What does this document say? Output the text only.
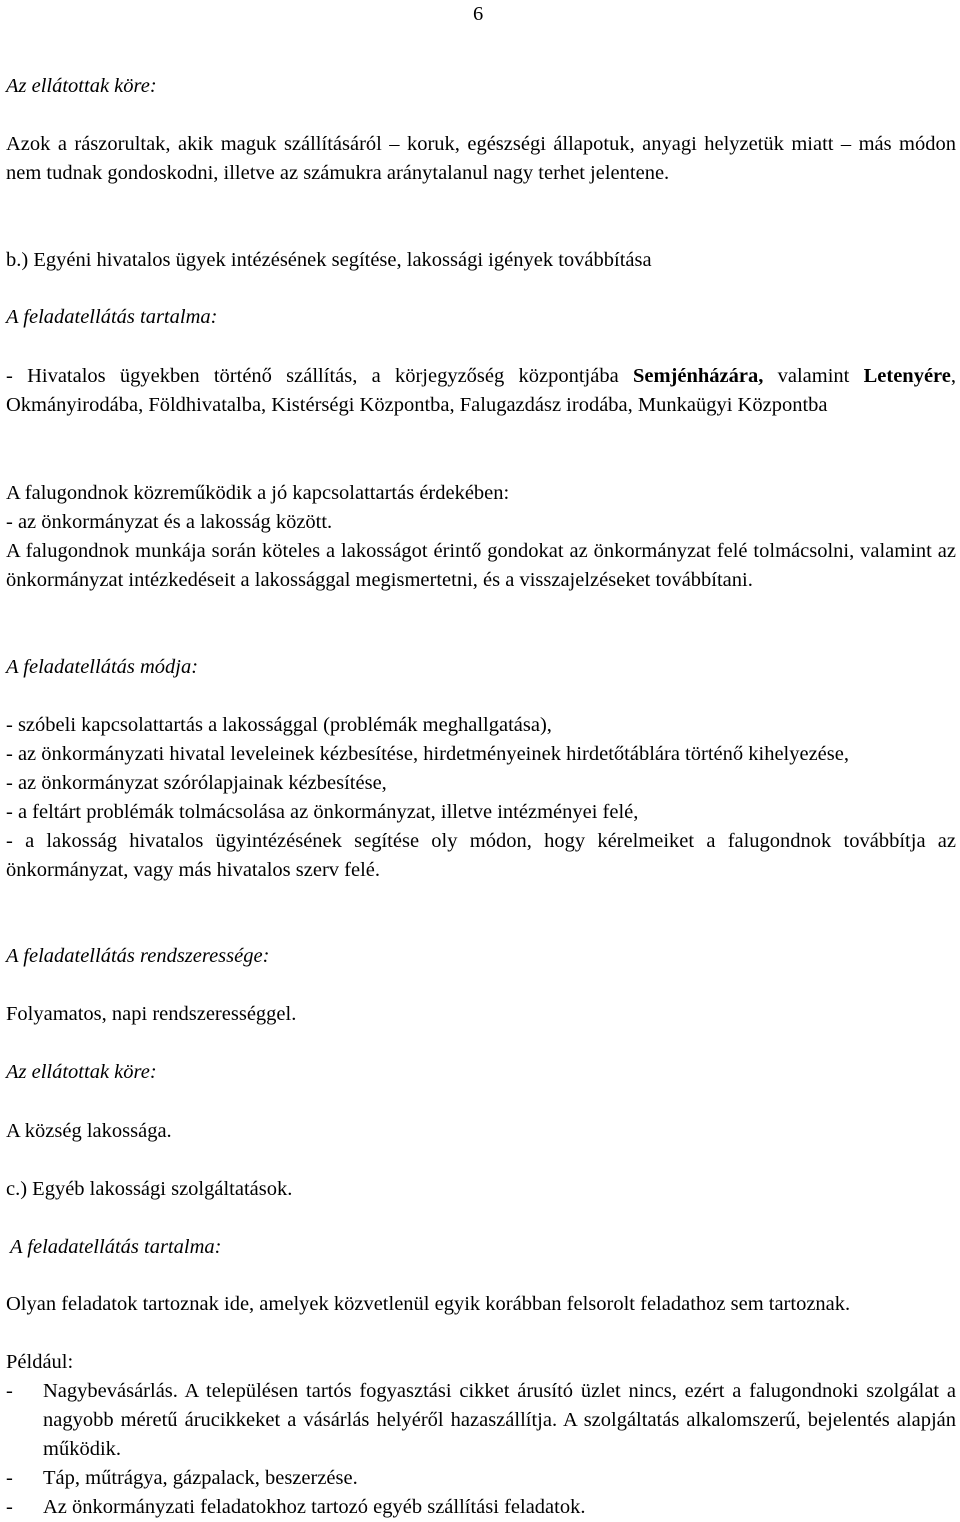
6

Az ellátottak köre:

Azok a rászorultak, akik maguk szállításáról – koruk, egészségi állapotuk, anyagi helyzetük miatt – más módon nem tudnak gondoskodni, illetve az számukra aránytalanul nagy terhet jelentene.

b.) Egyéni hivatalos ügyek intézésének segítése, lakossági igények továbbítása

A feladatellátás tartalma:

- Hivatalos ügyekben történő szállítás, a körjegyzőség központjába Semjénházára, valamint Letenyére, Okmányirodába, Földhivatalba, Kistérségi Központba, Falugazdász irodába, Munkaügyi Központba

A falugondnok közreműködik a jó kapcsolattartás érdekében:

- az önkormányzat és a lakosság között.

A falugondnok munkája során köteles a lakosságot érintő gondokat az önkormányzat felé tolmácsolni, valamint az önkormányzat intézkedéseit a lakossággal megismertetni, és a visszajelzéseket továbbítani.

A feladatellátás módja:

- szóbeli kapcsolattartás a lakossággal (problémák meghallgatása),
- az önkormányzati hivatal leveleinek kézbesítése, hirdetményeinek hirdetőtáblára történő kihelyezése,
- az önkormányzat szórólapjainak kézbesítése,
- a feltárt problémák tolmácsolása az önkormányzat, illetve intézményei felé,
- a lakosság hivatalos ügyintézésének segítése oly módon, hogy kérelmeiket a falugondnok továbbítja az önkormányzat, vagy más hivatalos szerv felé.

A feladatellátás rendszeressége:

Folyamatos, napi rendszerességgel.

Az ellátottak köre:

A község lakossága.

c.) Egyéb lakossági szolgáltatások.

A feladatellátás tartalma:

Olyan feladatok tartoznak ide, amelyek közvetlenül egyik korábban felsorolt feladathoz sem tartoznak.

Például:

- Nagybevásárlás. A településen tartós fogyasztási cikket árusító üzlet nincs, ezért a falugondnoki szolgálat a nagyobb méretű árucikkeket a vásárlás helyéről hazaszállítja. A szolgáltatás alkalomszerű, bejelentés alapján működik.
- Táp, műtrágya, gázpalack, beszerzése.
- Az önkormányzati feladatokhoz tartozó egyéb szállítási feladatok.
